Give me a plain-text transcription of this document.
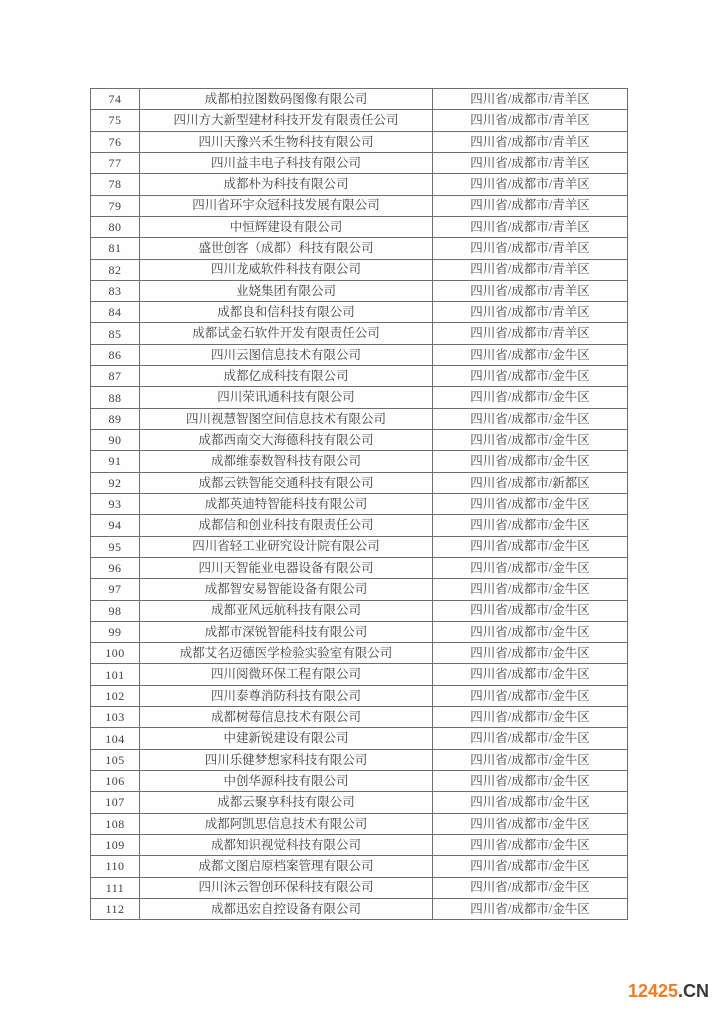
74	成都柏拉图数码图像有限公司	四川省/成都市/青羊区
75	四川方大新型建材科技开发有限责任公司	四川省/成都市/青羊区
76	四川天豫兴禾生物科技有限公司	四川省/成都市/青羊区
77	四川益丰电子科技有限公司	四川省/成都市/青羊区
78	成都朴为科技有限公司	四川省/成都市/青羊区
79	四川省环宇众冠科技发展有限公司	四川省/成都市/青羊区
80	中恒辉建设有限公司	四川省/成都市/青羊区
81	盛世创客（成都）科技有限公司	四川省/成都市/青羊区
82	四川龙威软件科技有限公司	四川省/成都市/青羊区
83	业娆集团有限公司	四川省/成都市/青羊区
84	成都良和信科技有限公司	四川省/成都市/青羊区
85	成都试金石软件开发有限责任公司	四川省/成都市/青羊区
86	四川云图信息技术有限公司	四川省/成都市/金牛区
87	成都亿成科技有限公司	四川省/成都市/金牛区
88	四川荣讯通科技有限公司	四川省/成都市/金牛区
89	四川视慧智图空间信息技术有限公司	四川省/成都市/金牛区
90	成都西南交大海德科技有限公司	四川省/成都市/金牛区
91	成都维泰数智科技有限公司	四川省/成都市/金牛区
92	成都云铁智能交通科技有限公司	四川省/成都市/新都区
93	成都英迪特智能科技有限公司	四川省/成都市/金牛区
94	成都信和创业科技有限责任公司	四川省/成都市/金牛区
95	四川省轻工业研究设计院有限公司	四川省/成都市/金牛区
96	四川天智能业电器设备有限公司	四川省/成都市/金牛区
97	成都智安易智能设备有限公司	四川省/成都市/金牛区
98	成都亚风远航科技有限公司	四川省/成都市/金牛区
99	成都市深锐智能科技有限公司	四川省/成都市/金牛区
100	成都艾名迈德医学检验实验室有限公司	四川省/成都市/金牛区
101	四川阅微环保工程有限公司	四川省/成都市/金牛区
102	四川泰尊消防科技有限公司	四川省/成都市/金牛区
103	成都树莓信息技术有限公司	四川省/成都市/金牛区
104	中建新锐建设有限公司	四川省/成都市/金牛区
105	四川乐健梦想家科技有限公司	四川省/成都市/金牛区
106	中创华源科技有限公司	四川省/成都市/金牛区
107	成都云聚享科技有限公司	四川省/成都市/金牛区
108	成都阿凯思信息技术有限公司	四川省/成都市/金牛区
109	成都知识视觉科技有限公司	四川省/成都市/金牛区
110	成都文图启原档案管理有限公司	四川省/成都市/金牛区
111	四川沐云智创环保科技有限公司	四川省/成都市/金牛区
112	成都迅宏自控设备有限公司	四川省/成都市/金牛区
12425.CN
